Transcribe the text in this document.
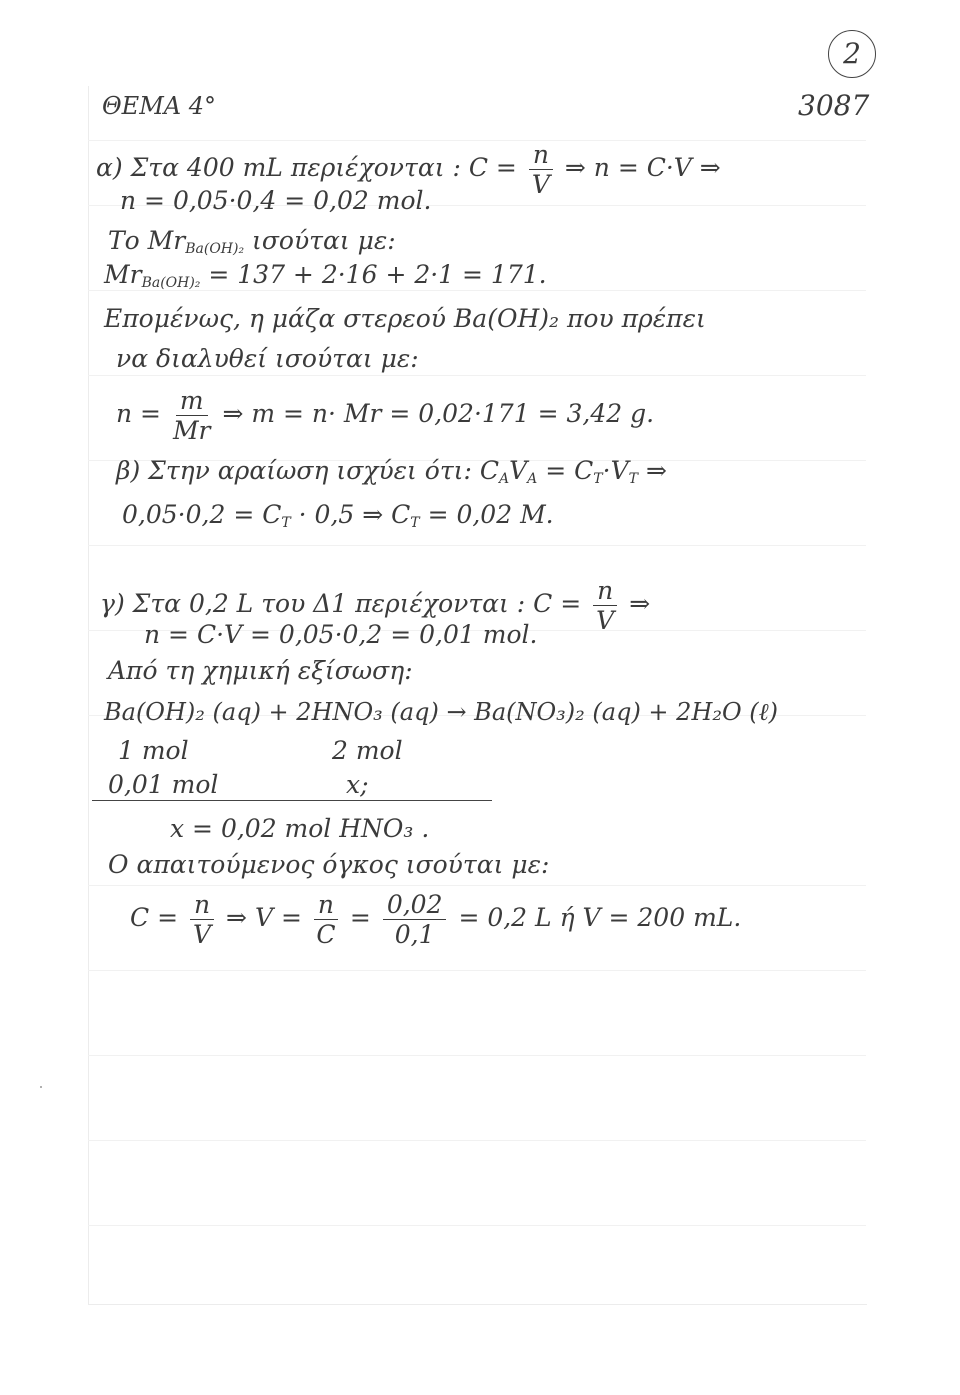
2
ΘΕΜΑ 4°	3087
α) Στα 400 mL περιέχονται : $C = \frac{n}{V}$ ⇒ n = C·V ⇒
n = 0,05·0,4 = 0,02 mol.
Το $Mr_{Ba(OH)_2}$ ισούται με:
$Mr_{Ba(OH)_2} = 137 + 2\cdot 16 + 2\cdot 1 = 171$.
Επομένως, η μάζα στερεού Ba(OH)₂ που πρέπει
να διαλυθεί ισούται με:
$n = \frac{m}{Mr}$ ⇒ m = n· Mr = 0,02·171 = 3,42 g.
β) Στην αραίωση ισχύει ότι: $C_AV_A = C_T\cdot V_T$ ⇒
$0,05\cdot 0,2 = C_T \cdot 0,5$ ⇒ $C_T = 0,02$ M.
γ) Στα 0,2 L του Δ1 περιέχονται : $C = \frac{n}{V}$ ⇒
n = C·V = 0,05·0,2 = 0,01 mol.
Από τη χημική εξίσωση:
Ba(OH)₂ (aq) + 2HNO₃ (aq) → Ba(NO₃)₂ (aq) + 2H₂O (ℓ)
1 mol	2 mol
0,01 mol	x;
x = 0,02 mol HNO₃ .
Ο απαιτούμενος όγκος ισούται με:
$C = \frac{n}{V}$ ⇒ $V = \frac{n}{C} = \frac{0,02}{0,1} = 0,2$ L ή V = 200 mL.
